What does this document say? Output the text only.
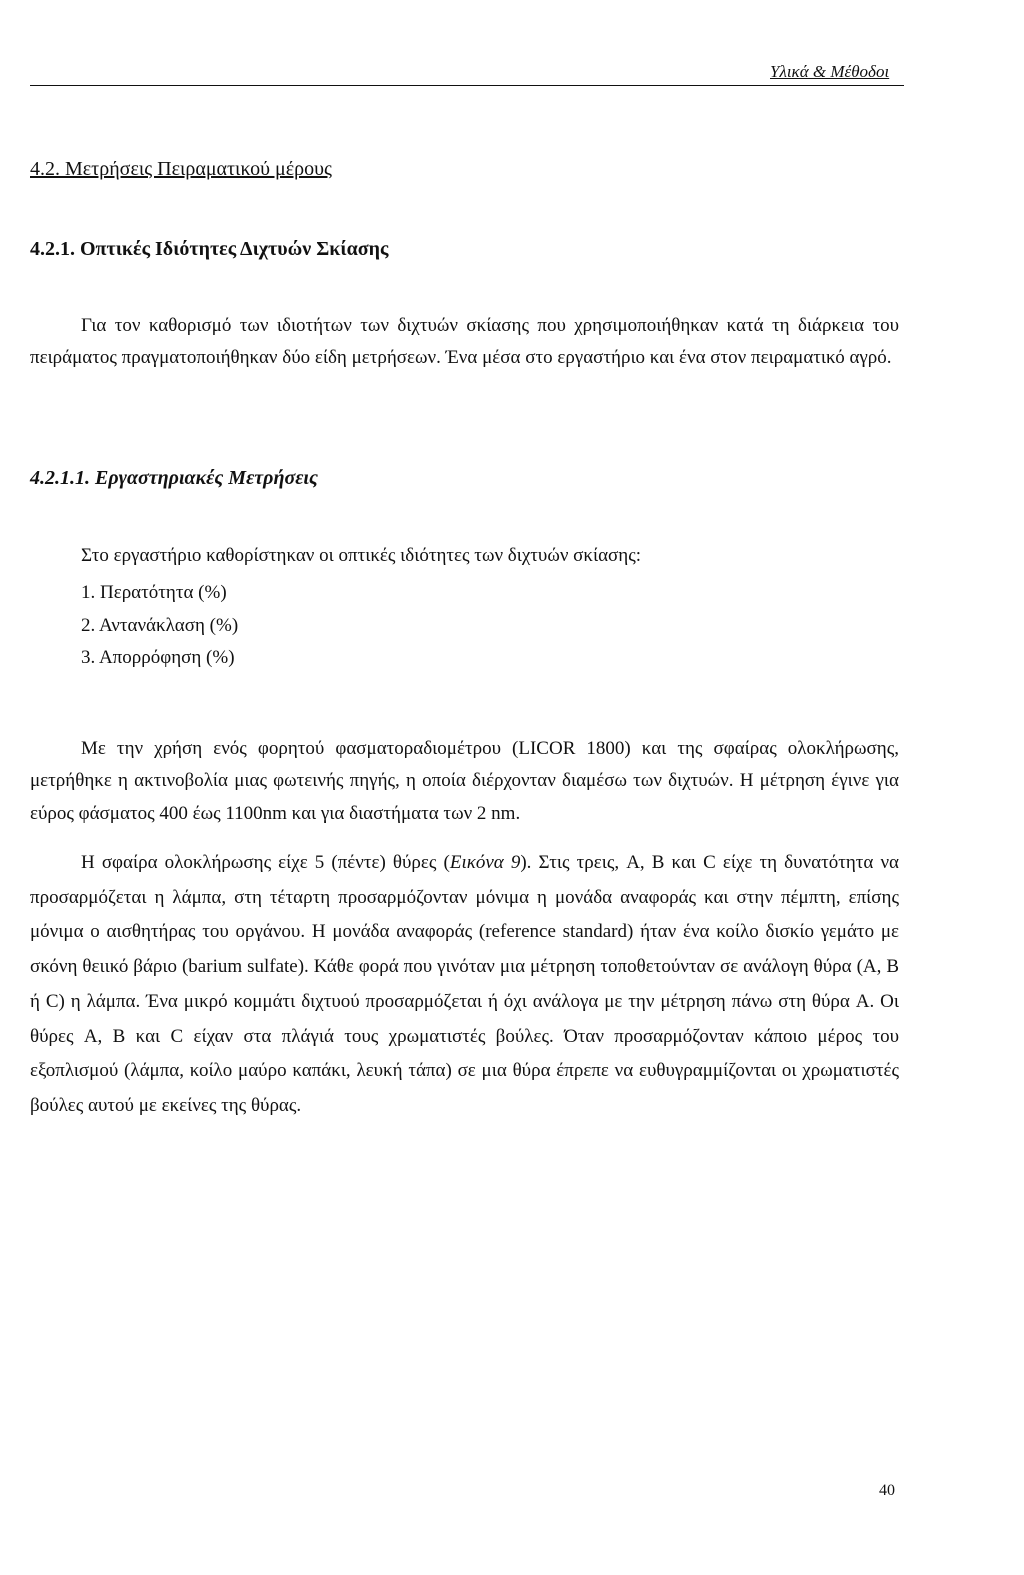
Υλικά & Μέθοδοι
4.2. Μετρήσεις Πειραματικού μέρους
4.2.1. Οπτικές Ιδιότητες Διχτυών Σκίασης

Για τον καθορισμό των ιδιοτήτων των διχτυών σκίασης που χρησιμοποιήθηκαν κατά τη διάρκεια του πειράματος πραγματοποιήθηκαν δύο είδη μετρήσεων. Ένα μέσα στο εργαστήριο και ένα στον πειραματικό αγρό.

4.2.1.1. Εργαστηριακές Μετρήσεις

Στο εργαστήριο καθορίστηκαν οι οπτικές ιδιότητες των διχτυών σκίασης:

1. Περατότητα (%)
2. Αντανάκλαση (%)
3. Απορρόφηση (%)

Με την χρήση ενός φορητού φασματοραδιομέτρου (LICOR 1800) και της σφαίρας ολοκλήρωσης, μετρήθηκε η ακτινοβολία μιας φωτεινής πηγής, η οποία διέρχονταν διαμέσω των διχτυών. Η μέτρηση έγινε για εύρος φάσματος 400 έως 1100nm και για διαστήματα των 2 nm.

Η σφαίρα ολοκλήρωσης είχε 5 (πέντε) θύρες (Εικόνα 9). Στις τρεις, A, B και C είχε τη δυνατότητα να προσαρμόζεται η λάμπα, στη τέταρτη προσαρμόζονταν μόνιμα η μονάδα αναφοράς και στην πέμπτη, επίσης μόνιμα ο αισθητήρας του οργάνου. Η μονάδα αναφοράς (reference standard) ήταν ένα κοίλο δισκίο γεμάτο με σκόνη θειικό βάριο (barium sulfate). Κάθε φορά που γινόταν μια μέτρηση τοποθετούνταν σε ανάλογη θύρα (A, B ή C) η λάμπα. Ένα μικρό κομμάτι διχτυού προσαρμόζεται ή όχι ανάλογα με την μέτρηση πάνω στη θύρα A. Οι θύρες A, B και C είχαν στα πλάγιά τους χρωματιστές βούλες. Όταν προσαρμόζονταν κάποιο μέρος του εξοπλισμού (λάμπα, κοίλο μαύρο καπάκι, λευκή τάπα) σε μια θύρα έπρεπε να ευθυγραμμίζονται οι χρωματιστές βούλες αυτού με εκείνες της θύρας.

40
